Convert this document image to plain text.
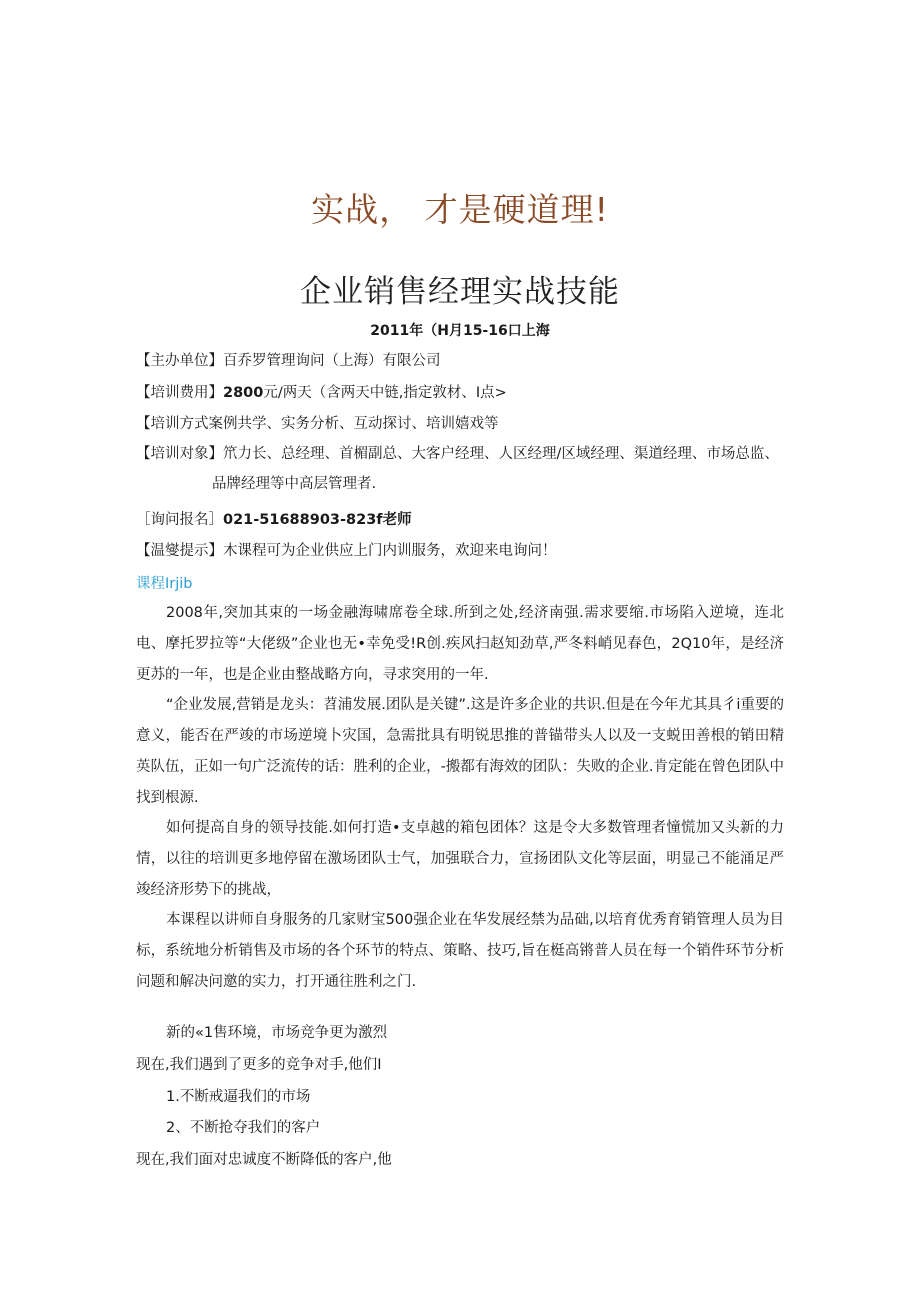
实战， 才是硬道理!
企业销售经理实战技能
2011年（H月15-16口上海
【主办单位】百乔罗管理询问（上海）有限公司
【培训费用】2800元/两天（含两天中链,指定敦材、I点>
【培训方式案例共学、实务分析、互动探讨、培训嬉戏等
【培训对象】笊力长、总经理、首楣副总、大客户经理、人区经理/区域经理、渠道经理、市场总监、
品牌经理等中高层管理者.
［询问报名］021-51688903-823f老师
【温燮提示】木课程可为企业供应上门内训服务，欢迎来电询问！
课程Irjib

2008年,突加其束的一场金融海啸席卷全球.所到之处,经济南强.需求要缩.市场陷入逆境，连北电、摩托罗拉等“大佬级”企业也无•幸免受!R创.疾风扫赵知劲草,严冬料峭见春色，2Q10年，是经济更苏的一年，也是企业由整战略方向，寻求突用的一年.

“企业发展,营销是龙头：苕浦发展.团队是关键”.这是许多企业的共识.但是在今年尤其具彳i重要的意义，能否在严竣的市场逆境卜灾国，急需批具有明锐思推的普锚带头人以及一支蜕田善根的销田精英队伍，正如一句广泛流传的话：胜利的企业，-搬都有海效的团队：失败的企业.肯定能在曾色团队中找到根源.

如何提高自身的领导技能.如何打造•支卓越的箱包团体？这是令大多数管理者憧慌加又头新的力情，以往的培训更多地停留在激场团队士气，加强联合力，宣扬团队文化等层面，明显己不能涌足严竣经济形势下的挑战，

本课程以讲师自身服务的几家财宝500强企业在华发展经禁为品础,以培育优秀育销管理人员为目标，系统地分析销售及市场的各个环节的特点、策略、技巧,旨在梃高锵普人员在每一个销件环节分析问题和解决问邀的实力，打开通往胜利之门.

新的«1售环境，市场竞争更为激烈
现在,我们遇到了更多的竞争对手,他们I
1.不断戒逼我们的市场
2、不断抢夺我们的客户
现在,我们面对忠诚度不断降低的客户,他
